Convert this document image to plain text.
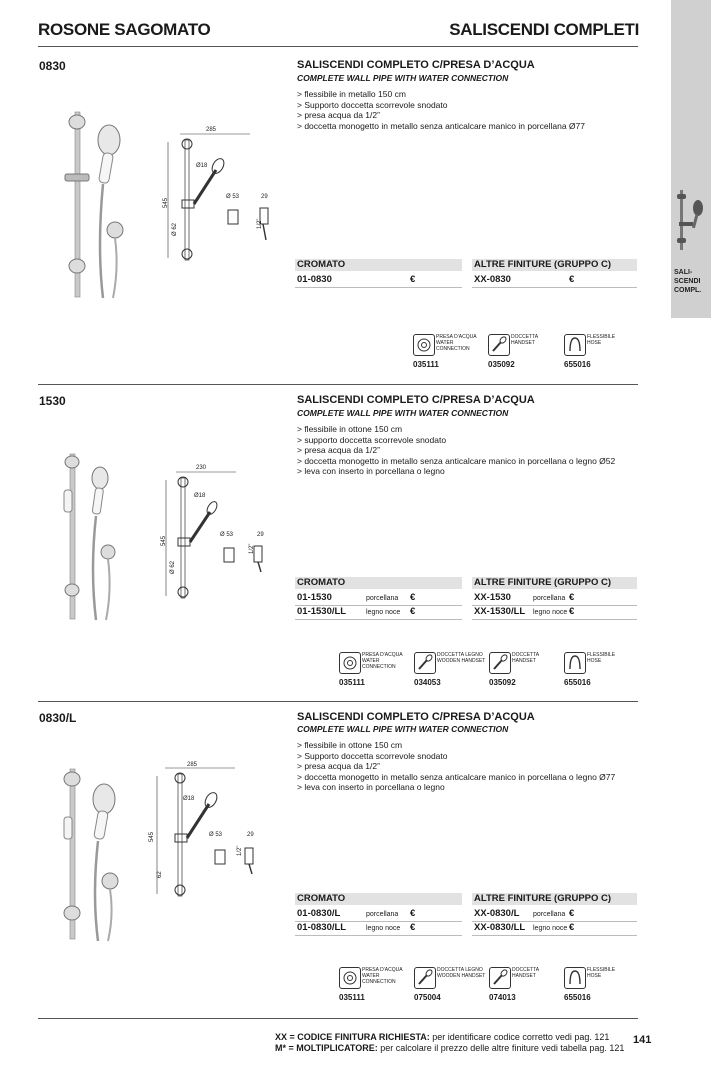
ROSONE SAGOMATO	SALISCENDI COMPLETI
SALI-
SCENDI
COMPL.
0830	SALISCENDI COMPLETO C/PRESA D’ACQUA
COMPLETE WALL PIPE WITH WATER CONNECTION
> flessibile in metallo 150 cm
> Supporto doccetta scorrevole snodato
> presa acqua da 1/2”
> doccetta monogetto in metallo senza anticalcare manico in porcellana Ø77
285
545
Ø 62
Ø18
Ø 53	29
1/2”
CROMATO	ALTRE FINITURE (GRUPPO C)
01-0830	€	XX-0830	€
PRESA D’ACQUA
WATER
CONNECTION
035111
DOCCETTA
HANDSET
035092
FLESSIBILE
HOSE
655016
1530	SALISCENDI COMPLETO C/PRESA D’ACQUA
COMPLETE WALL PIPE WITH WATER CONNECTION
> flessibile in ottone 150 cm
> supporto doccetta scorrevole snodato
> presa acqua da 1/2”
> doccetta monogetto in metallo senza anticalcare manico in porcellana o legno Ø52
> leva con inserto in porcellana o legno
230
545
Ø 62
Ø18
Ø 53	29
1/2”
CROMATO	ALTRE FINITURE (GRUPPO C)
01-1530	porcellana €	XX-1530	porcellana €
01-1530/LL	legno noce €	XX-1530/LL legno noce €
PRESA D’ACQUA
WATER
CONNECTION
035111
DOCCETTA LEGNO
WOODEN HANDSET
034053
DOCCETTA
HANDSET
035092
FLESSIBILE
HOSE
655016
0830/L	SALISCENDI COMPLETO C/PRESA D’ACQUA
COMPLETE WALL PIPE WITH WATER CONNECTION
> flessibile in ottone 150 cm
> Supporto doccetta scorrevole snodato
> presa acqua da 1/2”
> doccetta monogetto in metallo senza anticalcare manico in porcellana o legno Ø77
> leva con inserto in porcellana o legno
285
545
62
Ø18
Ø 53	29
1/2”
CROMATO	ALTRE FINITURE (GRUPPO C)
01-0830/L	porcellana €	XX-0830/L porcellana €
01-0830/LL	legno noce €	XX-0830/LL legno noce €
PRESA D’ACQUA
WATER
CONNECTION
035111
DOCCETTA LEGNO
WOODEN HANDSET
075004
DOCCETTA
HANDSET
074013
FLESSIBILE
HOSE
655016
XX = CODICE FINITURA RICHIESTA: per identificare codice corretto vedi pag. 121
M* = MOLTIPLICATORE: per calcolare il prezzo delle altre finiture vedi tabella pag. 121
141
